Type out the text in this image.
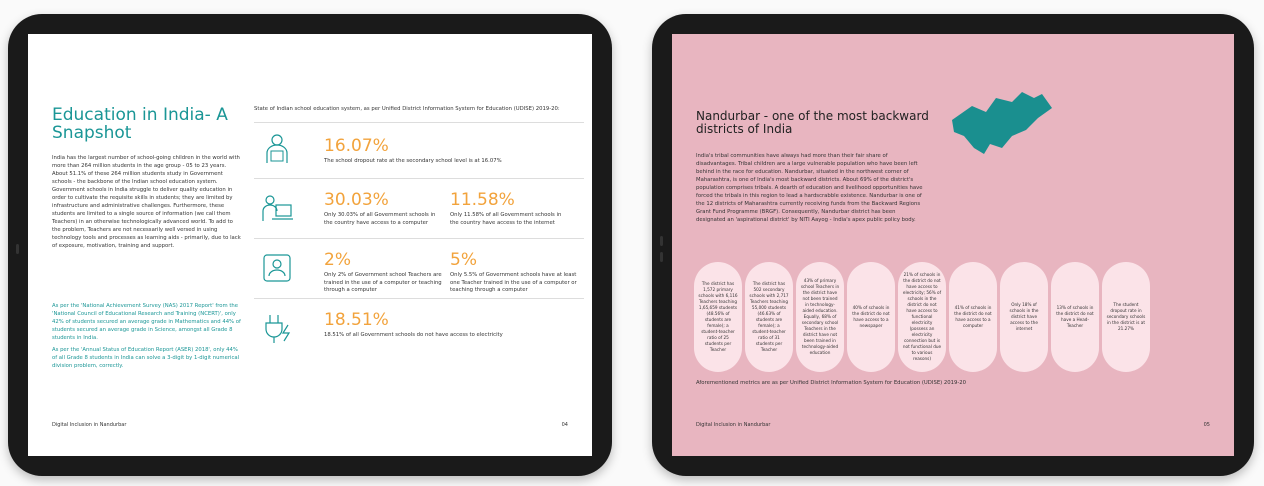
Education in India- A Snapshot
India has the largest number of school-going children in the world with more than 264 million students in the age group - 05 to 23 years. About 51.1% of these 264 million students study in Government schools - the backbone of the Indian school education system. Government schools in India struggle to deliver quality education in order to cultivate the requisite skills in students; they are limited by infrastructure and administrative challenges. Furthermore, these students are limited to a single source of information (we call them Teachers) in an otherwise technologically advanced world. To add to the problem, Teachers are not necessarily well versed in using technology tools and processes as learning aids - primarily, due to lack of exposure, motivation, training and support.
As per the 'National Achievement Survey (NAS) 2017 Report' from the 'National Council of Educational Research and Training (NCERT)', only 42% of students secured an average grade in Mathematics and 44% of students secured an average grade in Science, amongst all Grade 8 students in India.
As per the 'Annual Status of Education Report (ASER) 2018', only 44% of all Grade 8 students in India can solve a 3-digit by 1-digit numerical division problem, correctly.
State of Indian school education system, as per Unified District Information System for Education (UDISE) 2019-20:
16.07%
The school dropout rate at the secondary school level is at 16.07%
30.03%
Only 30.03% of all Government schools in the country have access to a computer
11.58%
Only 11.58% of all Government schools in the country have access to the internet
2%
Only 2% of Government school Teachers are trained in the use of a computer or teaching through a computer
5%
Only 5.5% of Government schools have at least one Teacher trained in the use of a computer or teaching through a computer
18.51%
18.51% of all Government schools do not have access to electricity
Digital Inclusion in Nandurbar	04
Nandurbar - one of the most backward districts of India
India's tribal communities have always had more than their fair share of disadvantages. Tribal children are a large vulnerable population who have been left behind in the race for education. Nandurbar, situated in the northwest corner of Maharashtra, is one of India's most backward districts. About 69% of the district's population comprises tribals. A dearth of education and livelihood opportunities have forced the tribals in this region to lead a hardscrabble existence. Nandurbar is one of the 12 districts of Maharashtra currently receiving funds from the Backward Regions Grant Fund Programme (BRGF). Consequently, Nandurbar district has been designated an 'aspirational district' by NITI Aayog - India's apex public policy body.
The district has 1,572 primary schools with 6,116 Teachers teaching 1,65,659 students (48.56% of students are female); a student-teacher ratio of 25 students per Teacher
The district has 502 secondary schools with 2,717 Teachers teaching 55,000 students (46.63% of students are female); a student-teacher ratio of 31 students per Teacher
43% of primary school Teachers in the district have not been trained in technology-aided education. Equally, 68% of secondary school Teachers in the district have not been trained in technology-aided education
40% of schools in the district do not have access to a newspaper
21% of schools in the district do not have access to electricity; 56% of schools in the district do not have access to functional electricity (possess an electricity connection but is not functional due to various reasons)
41% of schools in the district do not have access to a computer
Only 18% of schools in the district have access to the internet
13% of schools in the district do not have a Head-Teacher
The student dropout rate in secondary schools in the district is at 21.27%
Aforementioned metrics are as per Unified District Information System for Education (UDISE) 2019-20
Digital Inclusion in Nandurbar	05
